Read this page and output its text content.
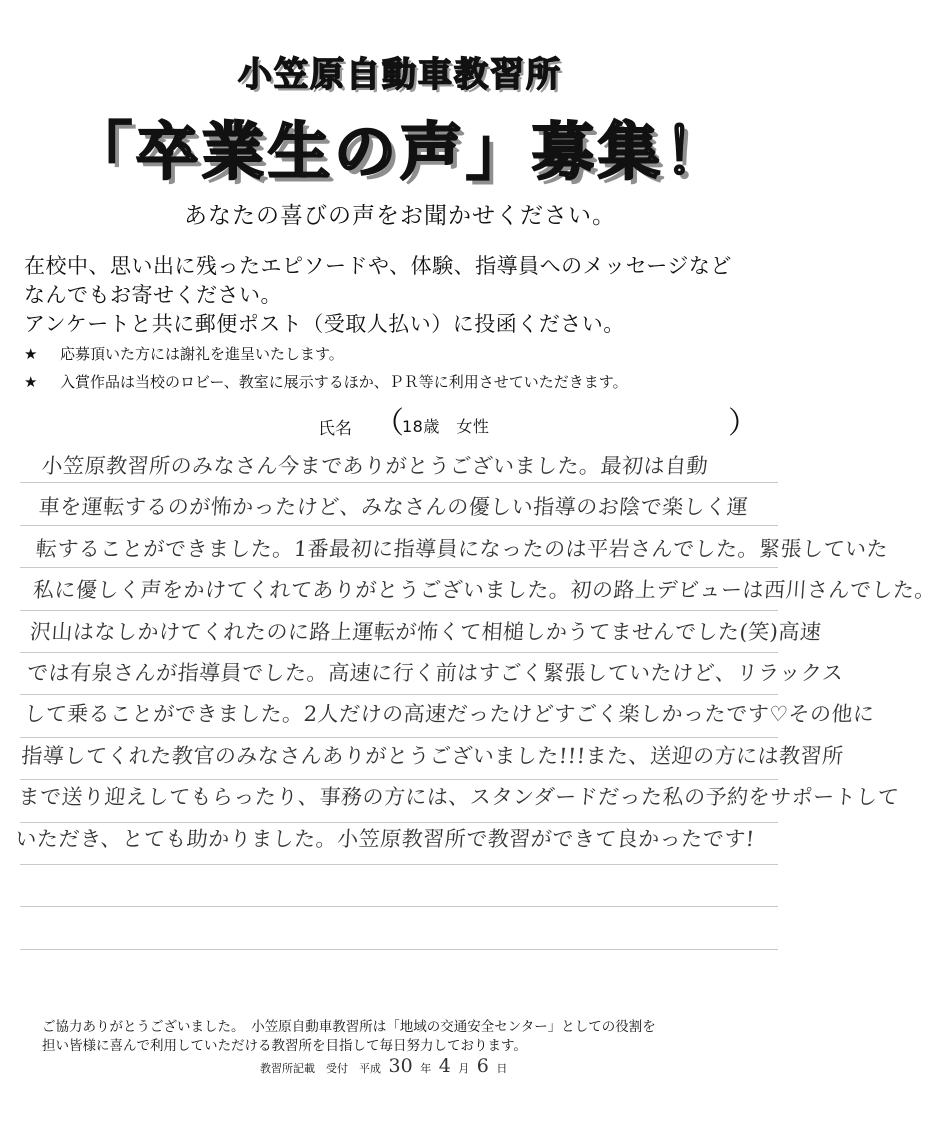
小笠原自動車教習所
「卒業生の声」募集！
あなたの喜びの声をお聞かせください。
在校中、思い出に残ったエピソードや、体験、指導員へのメッセージなど
なんでもお寄せください。
アンケートと共に郵便ポスト（受取人払い）に投函ください。
★ 応募頂いた方には謝礼を進呈いたします。
★ 入賞作品は当校のロビー、教室に展示するほか、ＰＲ等に利用させていただきます。
氏名 （
18歳　女性	）
小笠原教習所のみなさん今までありがとうございました。最初は自動
車を運転するのが怖かったけど、みなさんの優しい指導のお陰で楽しく運
転することができました。1番最初に指導員になったのは平岩さんでした。緊張していた
私に優しく声をかけてくれてありがとうございました。初の路上デビューは西川さんでした。
沢山はなしかけてくれたのに路上運転が怖くて相槌しかうてませんでした(笑)高速
では有泉さんが指導員でした。高速に行く前はすごく緊張していたけど、リラックス
して乗ることができました。2人だけの高速だったけどすごく楽しかったです♡その他に
指導してくれた教官のみなさんありがとうございました!!!また、送迎の方には教習所
まで送り迎えしてもらったり、事務の方には、スタンダードだった私の予約をサポートして
いただき、とても助かりました。小笠原教習所で教習ができて良かったです!
ご協力ありがとうございました。　小笠原自動車教習所は「地域の交通安全センター」としての役割を
担い皆様に喜んで利用していただける教習所を目指して毎日努力しております。
教習所記載　受付　平成 30 年 4 月 6 日
